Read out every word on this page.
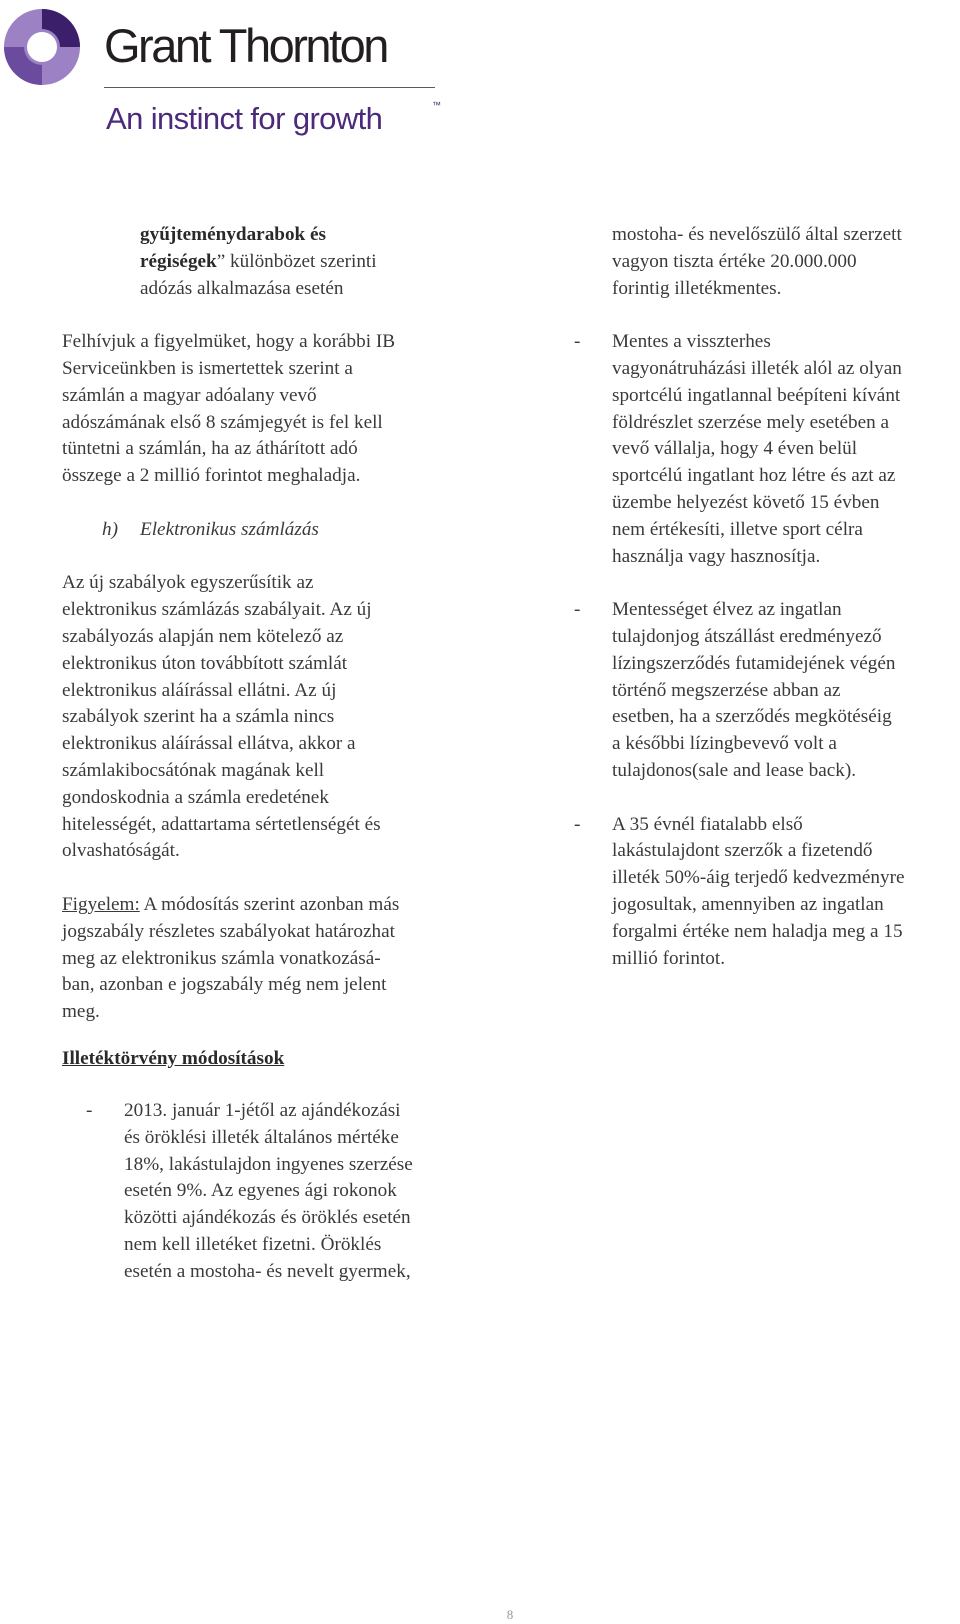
Grant Thornton
An instinct for growth	™
gyűjteménydarabok és
régiségek” különbözet szerinti
adózás alkalmazása esetén

Felhívjuk a figyelmüket, hogy a korábbi IB
Serviceünkben is ismertettek szerint a
számlán a magyar adóalany vevő
adószámának első 8 számjegyét is fel kell
tüntetni a számlán, ha az áthárított adó
összege a 2 millió forintot meghaladja.

h) Elektronikus számlázás

Az új szabályok egyszerűsítik az
elektronikus számlázás szabályait. Az új
szabályozás alapján nem kötelező az
elektronikus úton továbbított számlát
elektronikus aláírással ellátni. Az új
szabályok szerint ha a számla nincs
elektronikus aláírással ellátva, akkor a
számlakibocsátónak magának kell
gondoskodnia a számla eredetének
hitelességét, adattartama sértetlenségét és
olvashatóságát.

Figyelem: A módosítás szerint azonban más
jogszabály részletes szabályokat határozhat
meg az elektronikus számla vonatkozásá-
ban, azonban e jogszabály még nem jelent
meg.

mostoha- és nevelőszülő által szerzett
vagyon tiszta értéke 20.000.000
forintig illetékmentes.

- Mentes a visszterhes
vagyonátruházási illeték alól az olyan
sportcélú ingatlannal beépíteni kívánt
földrészlet szerzése mely esetében a
vevő vállalja, hogy 4 éven belül
sportcélú ingatlant hoz létre és azt az
üzembe helyezést követő 15 évben
nem értékesíti, illetve sport célra
használja vagy hasznosítja.
- Mentességet élvez az ingatlan
tulajdonjog átszállást eredményező
lízingszerződés futamidejének végén
történő megszerzése abban az
esetben, ha a szerződés megkötéséig
a későbbi lízingbevevő volt a
tulajdonos(sale and lease back).
- A 35 évnél fiatalabb első
lakástulajdont szerzők a fizetendő
illeték 50%-áig terjedő kedvezményre
jogosultak, amennyiben az ingatlan
forgalmi értéke nem haladja meg a 15
millió forintot.
Illetéktörvény módosítások
- 2013. január 1-jétől az ajándékozási
és öröklési illeték általános mértéke
18%, lakástulajdon ingyenes szerzése
esetén 9%. Az egyenes ági rokonok
közötti ajándékozás és öröklés esetén
nem kell illetéket fizetni. Öröklés
esetén a mostoha- és nevelt gyermek,
8
